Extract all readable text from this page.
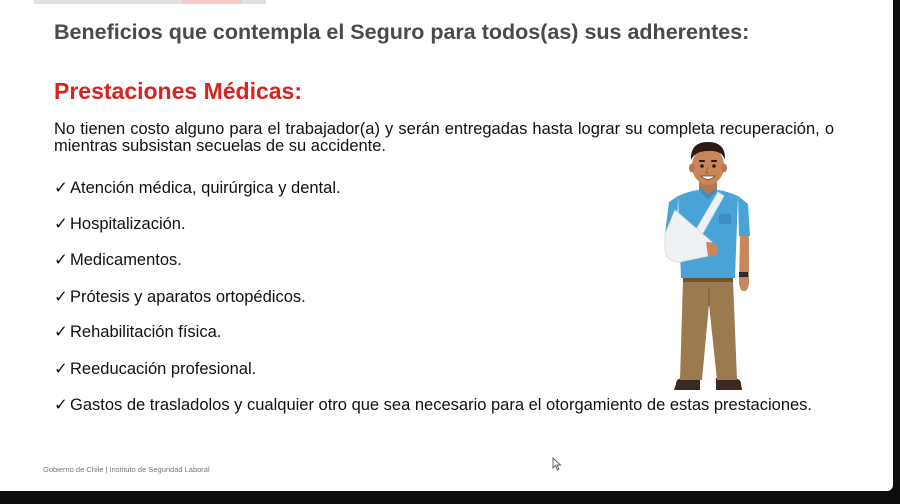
Beneficios que contempla el Seguro para todos(as) sus adherentes:
Prestaciones Médicas:

No tienen costo alguno para el trabajador(a) y serán entregadas hasta lograr su completa recuperación, o mientras subsistan secuelas de su accidente.

✓ Atención médica, quirúrgica y dental.
✓ Hospitalización.
✓ Medicamentos.
✓ Prótesis y aparatos ortopédicos.
✓ Rehabilitación física.
✓ Reeducación profesional.
✓ Gastos de trasladolos y cualquier otro que sea necesario para el otorgamiento de estas prestaciones.
Gobierno de Chile | Instituto de Seguridad Laboral
